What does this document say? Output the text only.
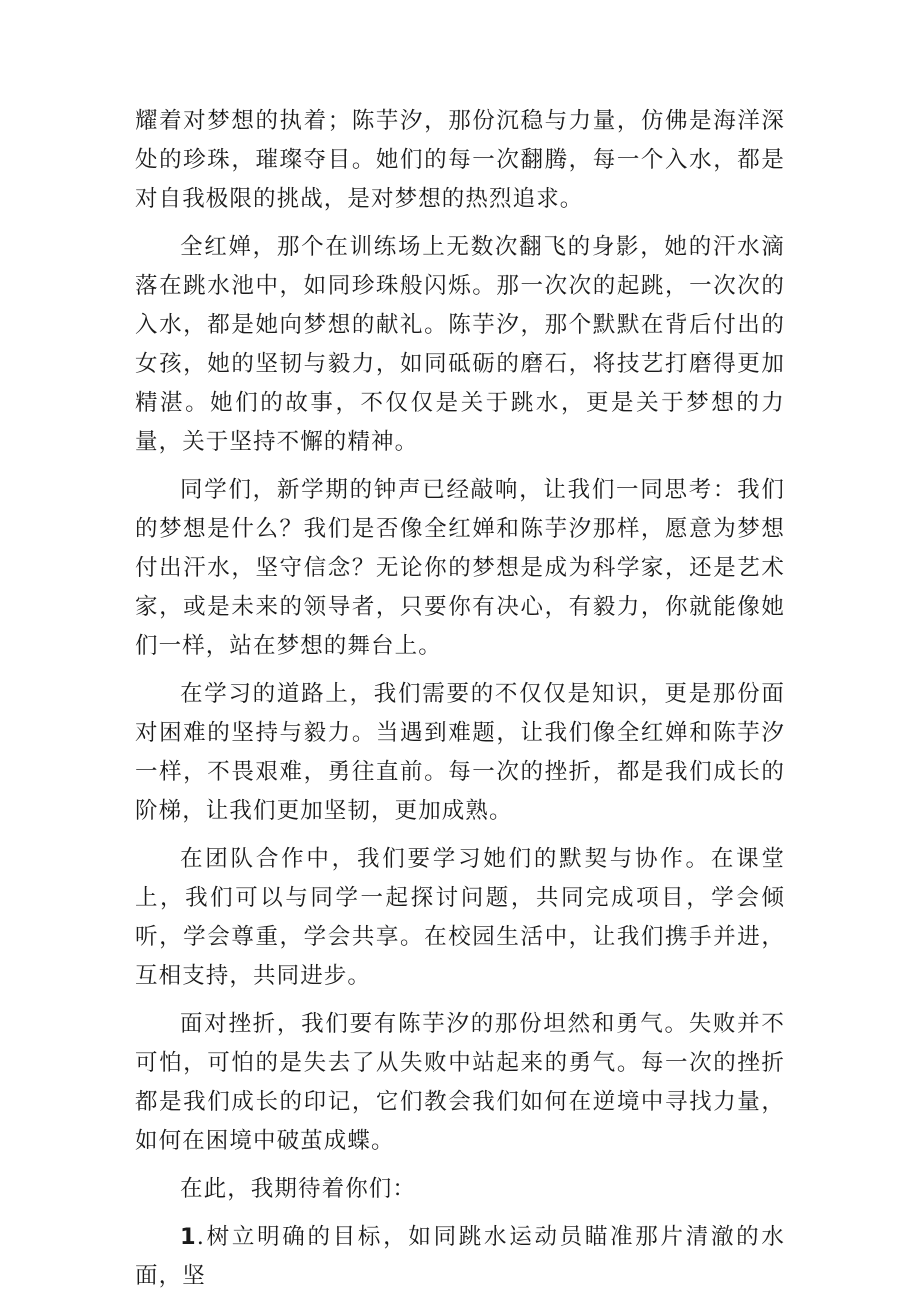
耀着对梦想的执着；陈芋汐，那份沉稳与力量，仿佛是海洋深处的珍珠，璀璨夺目。她们的每一次翻腾，每一个入水，都是对自我极限的挑战，是对梦想的热烈追求。

全红婵，那个在训练场上无数次翻飞的身影，她的汗水滴落在跳水池中，如同珍珠般闪烁。那一次次的起跳，一次次的入水，都是她向梦想的献礼。陈芋汐，那个默默在背后付出的女孩，她的坚韧与毅力，如同砥砺的磨石，将技艺打磨得更加精湛。她们的故事，不仅仅是关于跳水，更是关于梦想的力量，关于坚持不懈的精神。

同学们，新学期的钟声已经敲响，让我们一同思考：我们的梦想是什么？我们是否像全红婵和陈芋汐那样，愿意为梦想付出汗水，坚守信念？无论你的梦想是成为科学家，还是艺术家，或是未来的领导者，只要你有决心，有毅力，你就能像她们一样，站在梦想的舞台上。

在学习的道路上，我们需要的不仅仅是知识，更是那份面对困难的坚持与毅力。当遇到难题，让我们像全红婵和陈芋汐一样，不畏艰难，勇往直前。每一次的挫折，都是我们成长的阶梯，让我们更加坚韧，更加成熟。

在团队合作中，我们要学习她们的默契与协作。在课堂上，我们可以与同学一起探讨问题，共同完成项目，学会倾听，学会尊重，学会共享。在校园生活中，让我们携手并进，互相支持，共同进步。

面对挫折，我们要有陈芋汐的那份坦然和勇气。失败并不可怕，可怕的是失去了从失败中站起来的勇气。每一次的挫折都是我们成长的印记，它们教会我们如何在逆境中寻找力量，如何在困境中破茧成蝶。

在此，我期待着你们：

1.树立明确的目标，如同跳水运动员瞄准那片清澈的水面，坚
